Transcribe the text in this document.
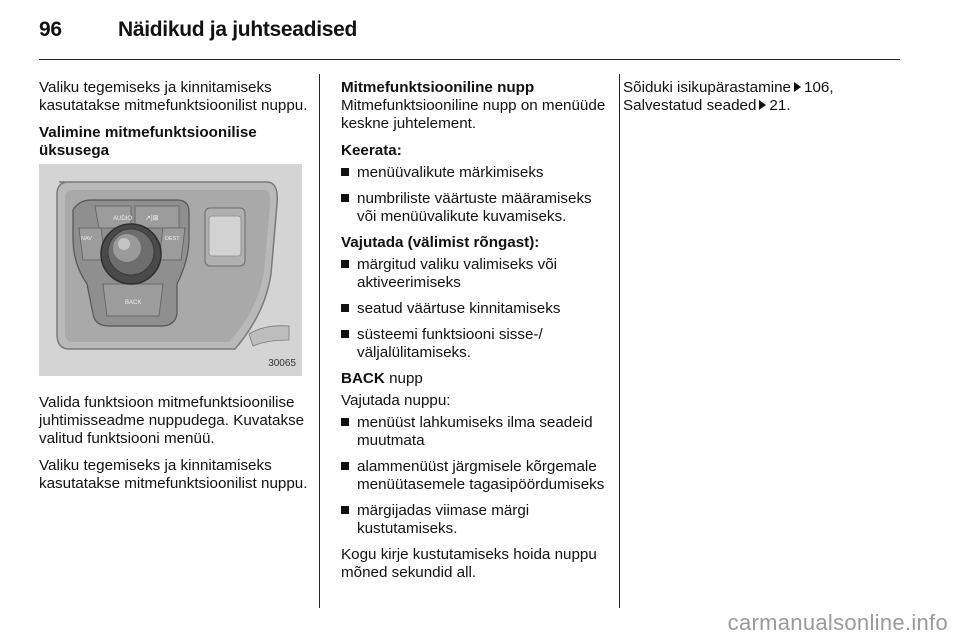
96	Näidikud ja juhtseadised

Valiku tegemiseks ja kinnitamiseks kasutatakse mitmefunktsioonilist nuppu.

Valimine mitmefunktsioonilise üksusega

AUDIO ↗|⊠
NAV	DEST
BACK
30065

Valida funktsioon mitmefunktsioonilise juhtimisseadme nuppudega. Kuvatakse valitud funktsiooni menüü.

Valiku tegemiseks ja kinnitamiseks kasutatakse mitmefunktsioonilist nuppu.

Mitmefunktsiooniline nupp

Mitmefunktsiooniline nupp on menüüde keskne juhtelement.

Keerata:

menüüvalikute märkimiseks
numbriliste väärtuste määramiseks või menüüvalikute kuvamiseks.

Vajutada (välimist rõngast):

märgitud valiku valimiseks või aktiveerimiseks
seatud väärtuse kinnitamiseks
süsteemi funktsiooni sisse-/ väljalülitamiseks.

BACK nupp

Vajutada nuppu:

menüüst lahkumiseks ilma seadeid muutmata
alammenüüst järgmisele kõrgemale menüütasemele tagasipöördumiseks
märgijadas viimase märgi kustutamiseks.

Kogu kirje kustutamiseks hoida nuppu mõned sekundid all.

Sõiduki isikupärastamine 106,
Salvestatud seaded 21.
carmanualsonline.info
